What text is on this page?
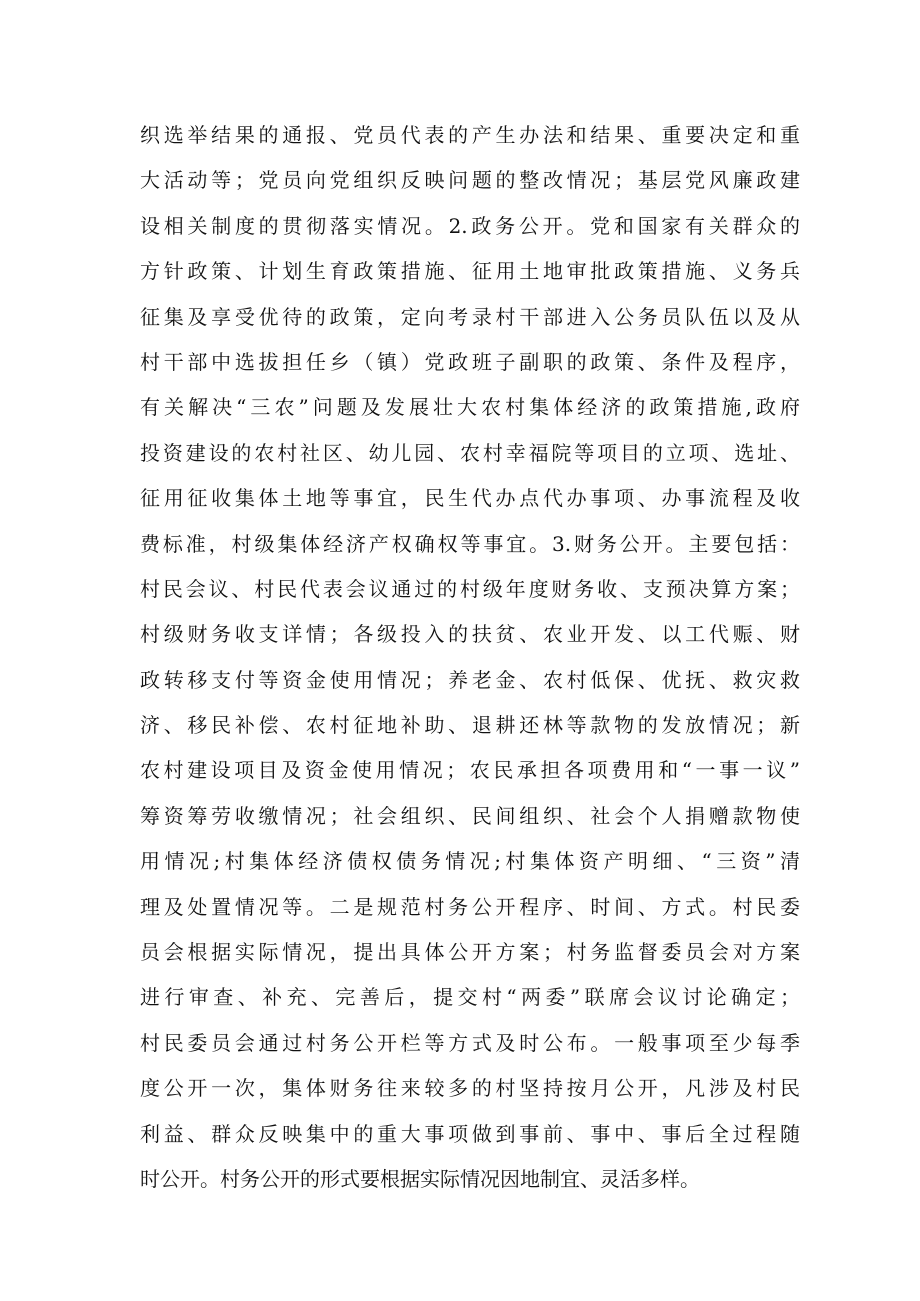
织选举结果的通报、党员代表的产生办法和结果、重要决定和重
大活动等；党员向党组织反映问题的整改情况；基层党风廉政建
设相关制度的贯彻落实情况。2.政务公开。党和国家有关群众的
方针政策、计划生育政策措施、征用土地审批政策措施、义务兵
征集及享受优待的政策，定向考录村干部进入公务员队伍以及从
村干部中选拔担任乡（镇）党政班子副职的政策、条件及程序，
有关解决“三农”问题及发展壮大农村集体经济的政策措施,政府
投资建设的农村社区、幼儿园、农村幸福院等项目的立项、选址、
征用征收集体土地等事宜，民生代办点代办事项、办事流程及收
费标准，村级集体经济产权确权等事宜。3.财务公开。主要包括：
村民会议、村民代表会议通过的村级年度财务收、支预决算方案；
村级财务收支详情；各级投入的扶贫、农业开发、以工代赈、财
政转移支付等资金使用情况；养老金、农村低保、优抚、救灾救
济、移民补偿、农村征地补助、退耕还林等款物的发放情况；新
农村建设项目及资金使用情况；农民承担各项费用和“一事一议”
筹资筹劳收缴情况；社会组织、民间组织、社会个人捐赠款物使
用情况;村集体经济债权债务情况;村集体资产明细、“三资”清
理及处置情况等。二是规范村务公开程序、时间、方式。村民委
员会根据实际情况，提出具体公开方案；村务监督委员会对方案
进行审查、补充、完善后，提交村“两委”联席会议讨论确定；
村民委员会通过村务公开栏等方式及时公布。一般事项至少每季
度公开一次，集体财务往来较多的村坚持按月公开，凡涉及村民
利益、群众反映集中的重大事项做到事前、事中、事后全过程随
时公开。村务公开的形式要根据实际情况因地制宜、灵活多样。
